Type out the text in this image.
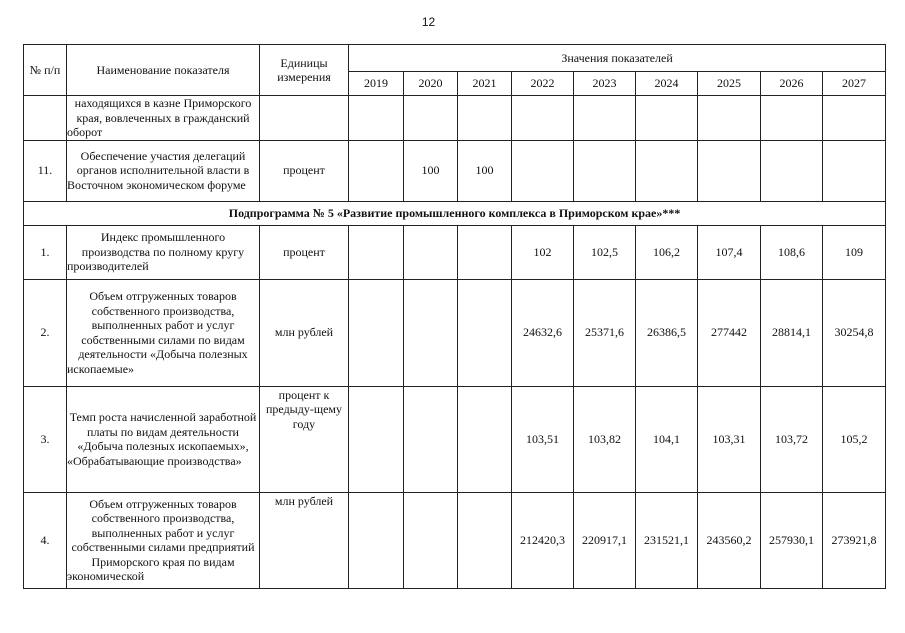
12
№ п/п	Наименование показателя	Единицы измерения	Значения показателей								
			2019	2020	2021	2022	2023	2024	2025	2026	2027
	находящихся в казне Приморского края, вовлеченных в гражданский оборот										
11.	Обеспечение участия делегаций органов исполнительной власти в Восточном экономическом форуме	процент		100	100						
Подпрограмма № 5 «Развитие промышленного комплекса в Приморском крае»***											
1.	Индекс промышленного производства по полному кругу производителей	процент				102	102,5	106,2	107,4	108,6	109
2.	Объем отгруженных товаров собственного производства, выполненных работ и услуг собственными силами по видам деятельности «Добыча полезных ископаемые»	млн рублей				24632,6	25371,6	26386,5	277442	28814,1	30254,8
3.	Темп роста начисленной заработной платы по видам деятельности «Добыча полезных ископаемых», «Обрабатывающие производства»	процент к предыду-щему году				103,51	103,82	104,1	103,31	103,72	105,2
4.	Объем отгруженных товаров собственного производства, выполненных работ и услуг собственными силами предприятий Приморского края по видам экономической	млн рублей				212420,3	220917,1	231521,1	243560,2	257930,1	273921,8
